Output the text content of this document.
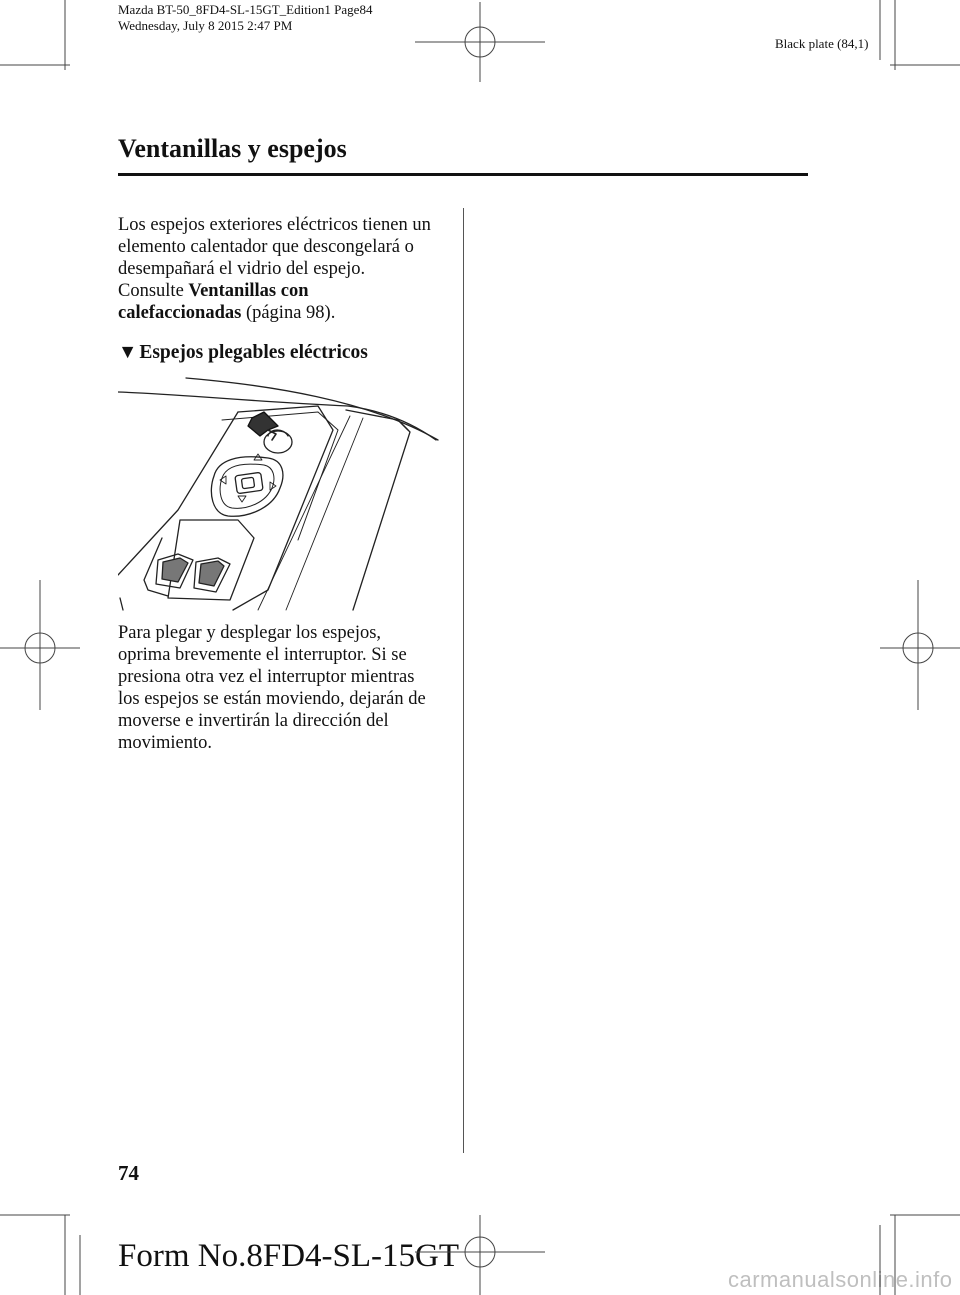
Mazda BT-50_8FD4-SL-15GT_Edition1 Page84
Wednesday, July 8 2015 2:47 PM
Black plate (84,1)
Ventanillas y espejos
Los espejos exteriores eléctricos tienen un
elemento calentador que descongelará o
desempañará el vidrio del espejo.
Consulte Ventanillas con
calefaccionadas (página 98).
▼ Espejos plegables eléctricos
Para plegar y desplegar los espejos,
oprima brevemente el interruptor. Si se
presiona otra vez el interruptor mientras
los espejos se están moviendo, dejarán de
moverse e invertirán la dirección del
movimiento.
74
Form No.8FD4-SL-15GT
carmanualsonline.info
